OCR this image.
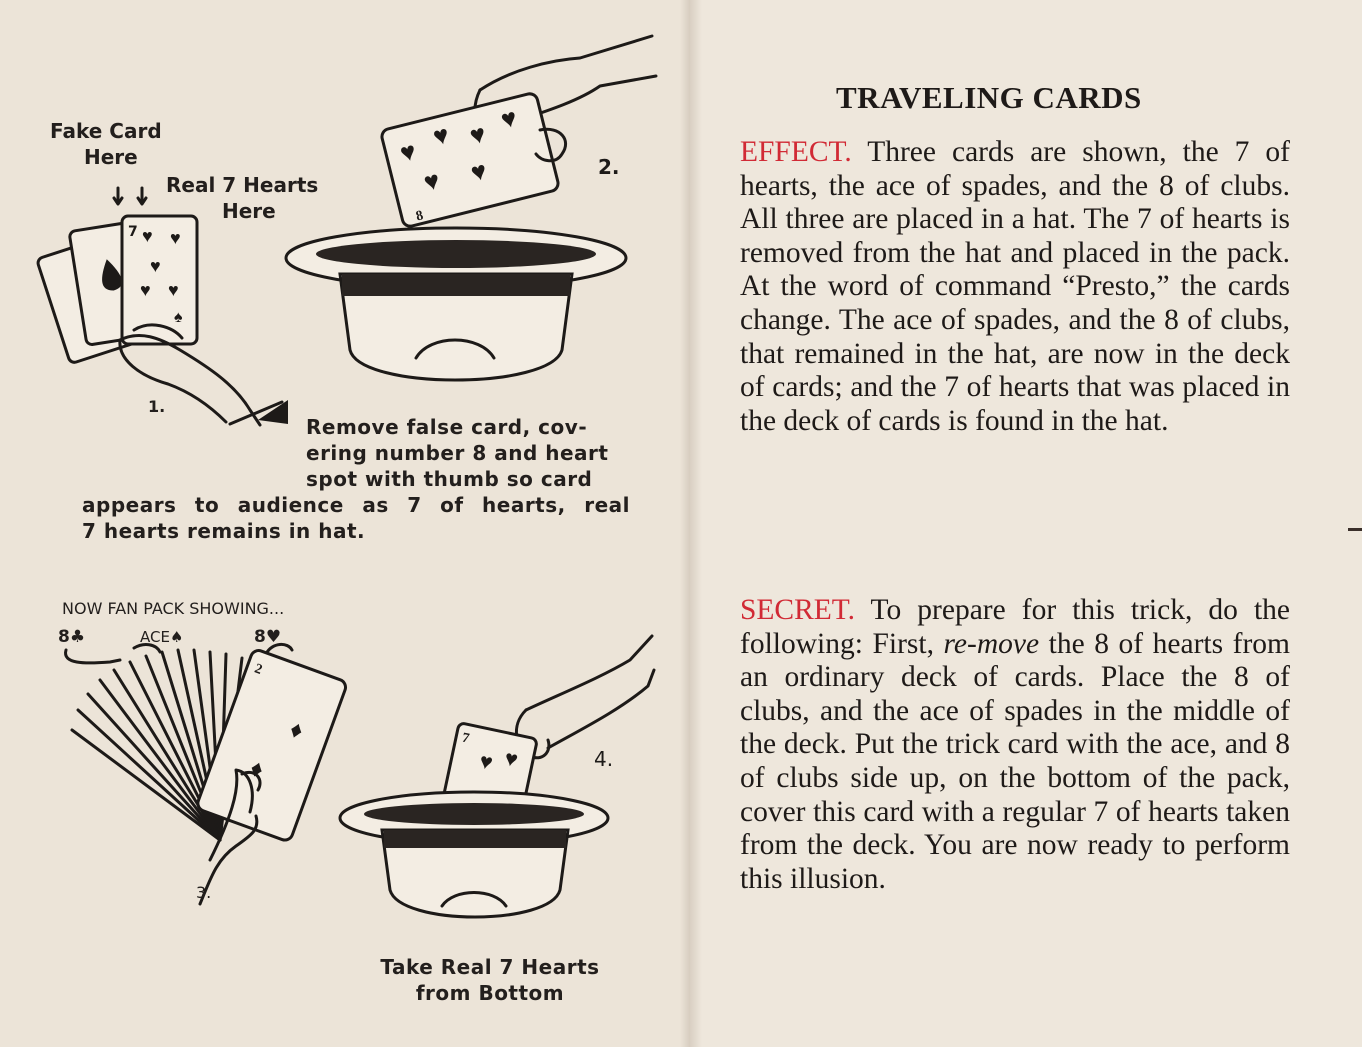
Fake Card
Here
Real 7 Hearts
Here
7 ♥ ♥
♥
♥ ♥
♠
1.
♥
♥ ♥
♥
♥ ♥
8
2.
Remove false card, cov-
ering number 8 and heart
spot with thumb so card
appears to audience as 7 of hearts, real
7 hearts remains in hat.
NOW FAN PACK SHOWING...
8♣	ACE♠	8♥
♦
♦
2
3.
7
♥ ♥	4.
Take Real 7 Hearts
from Bottom
TRAVELING CARDS
EFFECT. Three cards are shown, the 7 of hearts, the ace of spades, and the 8 of clubs. All three are placed in a hat. The 7 of hearts is removed from the hat and placed in the pack. At the word of command “Presto,” the cards change. The ace of spades, and the 8 of clubs, that remained in the hat, are now in the deck of cards; and the 7 of hearts that was placed in the deck of cards is found in the hat.
SECRET. To prepare for this trick, do the following: First, re-move the 8 of hearts from an ordinary deck of cards. Place the 8 of clubs, and the ace of spades in the middle of the deck. Put the trick card with the ace, and 8 of clubs side up, on the bottom of the pack, cover this card with a regular 7 of hearts taken from the deck. You are now ready to perform this illusion.
